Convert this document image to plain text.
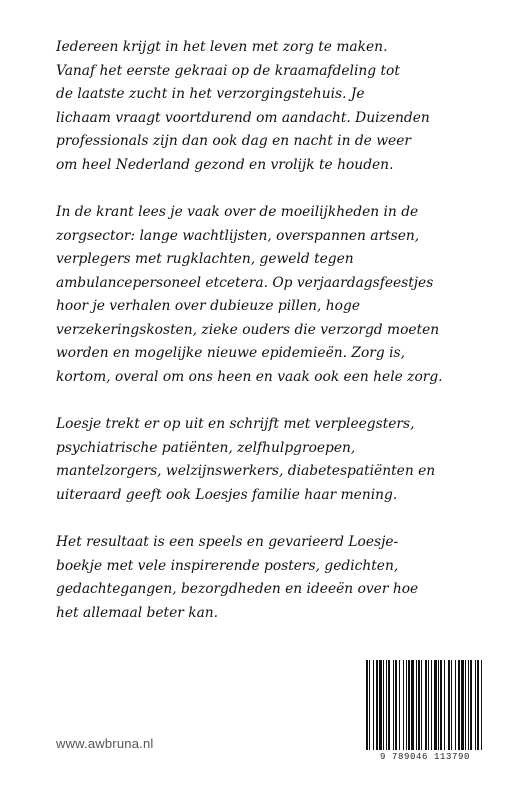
Iedereen krijgt in het leven met zorg te maken.
Vanaf het eerste gekraai op de kraamafdeling tot
de laatste zucht in het verzorgingstehuis. Je
lichaam vraagt voortdurend om aandacht. Duizenden
professionals zijn dan ook dag en nacht in de weer
om heel Nederland gezond en vrolijk te houden.

In de krant lees je vaak over de moeilijkheden in de
zorgsector: lange wachtlijsten, overspannen artsen,
verplegers met rugklachten, geweld tegen
ambulancepersoneel etcetera. Op verjaardagsfeestjes
hoor je verhalen over dubieuze pillen, hoge
verzekeringskosten, zieke ouders die verzorgd moeten
worden en mogelijke nieuwe epidemieën. Zorg is,
kortom, overal om ons heen en vaak ook een hele zorg.

Loesje trekt er op uit en schrijft met verpleegsters,
psychiatrische patiënten, zelfhulpgroepen,
mantelzorgers, welzijnswerkers, diabetespatiënten en
uiteraard geeft ook Loesjes familie haar mening.

Het resultaat is een speels en gevarieerd Loesje-
boekje met vele inspirerende posters, gedichten,
gedachtegangen, bezorgdheden en ideeën over hoe
het allemaal beter kan.

www.awbruna.nl
9 789046 113790
